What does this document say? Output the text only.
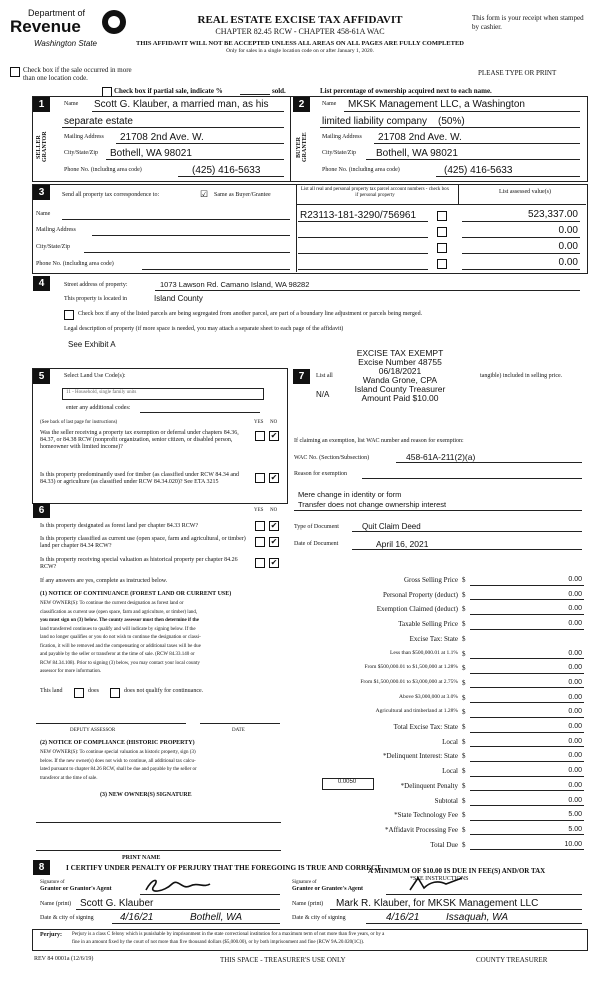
Department of
Revenue
Washington State
REAL ESTATE EXCISE TAX AFFIDAVIT
CHAPTER 82.45 RCW - CHAPTER 458-61A WAC
THIS AFFIDAVIT WILL NOT BE ACCEPTED UNLESS ALL AREAS ON ALL PAGES ARE FULLY COMPLETED
Only for sales in a single location code on or after January 1, 2020.
This form is your receipt when stamped by cashier.
PLEASE TYPE OR PRINT
Check box if the sale occurred in more than one location code.
Check box if partial sale, indicate %	sold.	List percentage of ownership acquired next to each name.
1
SELLER GRANTOR
Name Scott G. Klauber, a married man, as his
separate estate
Mailing Address 21708 2nd Ave. W.
City/State/Zip Bothell, WA 98021
Phone No. (including area code)	(425) 416-5633
2
BUYER GRANTEE
Name MKSK Management LLC, a Washington
limited liability company (50%)
Mailing Address 21708 2nd Ave. W.
City/State/Zip Bothell, WA 98021
Phone No. (including area code)	(425) 416-5633
3	Send all property tax correspondence to:	☑ Same as Buyer/Grantee
List all real and personal property tax parcel account numbers - check box if personal property
List assessed value(s)
Name
Mailing Address
City/State/Zip
Phone No. (including area code)
R23113-181-3290/756961	523,337.00
0.00
0.00
0.00
4	Street address of property:	1073 Lawson Rd. Camano Island, WA 98282
This property is located in	Island County
Check box if any of the listed parcels are being segregated from another parcel, are part of a boundary line adjustment or parcels being merged.
Legal description of property (if more space is needed, you may attach a separate sheet to each page of the affidavit)
See Exhibit A
EXCISE TAX EXEMPT
Excise Number 48755
06/18/2021
Wanda Grone, CPA
Island County Treasurer
Amount Paid $10.00
5	Select Land Use Code(s):
11 - Household, single family units
enter any additional codes:
(See back of last page for instructions)	YES NO
Was the seller receiving a property tax exemption or deferral under chapters 84.36, 84.37, or 84.38 RCW (nonprofit organization, senior citizen, or disabled person, homeowner with limited income)?
✔
Is this property predominantly used for timber (as classified under RCW 84.34 and 84.33) or agriculture (as classified under RCW 84.34.020)? See ETA 3215	✔
6	YES NO
Is this property designated as forest land per chapter 84.33 RCW?	✔
Is this property classified as current use (open space, farm and agricultural, or timber) land per chapter 84.34 RCW?	✔
Is this property receiving special valuation as historical property per chapter 84.26 RCW?	✔
If any answers are yes, complete as instructed below.
(1) NOTICE OF CONTINUANCE (FOREST LAND OR CURRENT USE)
NEW OWNER(S): To continue the current designation as forest land or
classification as current use (open space, farm and agriculture, or timber) land,
you must sign on (3) below. The county assessor must then determine if the
land transferred continues to qualify and will indicate by signing below. If the
land no longer qualifies or you do not wish to continue the designation or classi-
fication, it will be removed and the compensating or additional taxes will be due
and payable by the seller or transferor at the time of sale. (RCW 84.33.140 or
RCW 84.34.108). Prior to signing (3) below, you may contact your local county
assessor for more information.
This land	does	does not qualify for continuance.
DEPUTY ASSESSOR	DATE
(2) NOTICE OF COMPLIANCE (HISTORIC PROPERTY)
NEW OWNER(S): To continue special valuation as historic property, sign (3)
below. If the new owner(s) does not wish to continue, all additional tax calcu-
lated pursuant to chapter 84.26 RCW, shall be due and payable by the seller or
transferor at the time of sale.
(3) NEW OWNER(S) SIGNATURE
PRINT NAME
7	List all	tangible) included in selling price.
N/A
If claiming an exemption, list WAC number and reason for exemption:
WAC No. (Section/Subsection)	458-61A-211(2)(a)
Reason for exemption
Mere change in identity or form
Transfer does not change ownership interest
Type of Document	Quit Claim Deed
Date of Document	April 16, 2021
Gross Selling Price $	0.00
Personal Property (deduct) $	0.00
Exemption Claimed (deduct) $	0.00
Taxable Selling Price $	0.00
Excise Tax: State $
Less than $500,000.01 at 1.1% $	0.00
From $500,000.01 to $1,500,000 at 1.28% $	0.00
From $1,500,000.01 to $3,000,000 at 2.75% $	0.00
Above $3,000,000 at 3.0% $	0.00
Agricultural and timberland at 1.28% $	0.00
Total Excise Tax: State $	0.00
Local $	0.00
*Delinquent Interest: State $	0.00
Local $	0.00
*Delinquent Penalty $	0.00
Subtotal $	0.00
*State Technology Fee $	5.00
*Affidavit Processing Fee $	5.00
Total Due $	10.00
0.0050
A MINIMUM OF $10.00 IS DUE IN FEE(S) AND/OR TAX
*SEE INSTRUCTIONS
8	I CERTIFY UNDER PENALTY OF PERJURY THAT THE FOREGOING IS TRUE AND CORRECT
Signature of
Grantor or Grantor's Agent
Signature of
Grantee or Grantee's Agent
Name (print) Scott G. Klauber	Name (print) Mark R. Klauber, for MKSK Management LLC
Date & city of signing	4/16/21	Bothell, WA	Date & city of signing	4/16/21	Issaquah, WA
Perjury: Perjury is a class C felony which is punishable by imprisonment in the state correctional institution for a maximum term of not more than five years, or by a
fine in an amount fixed by the court of not more than five thousand dollars ($5,000.00), or by both imprisonment and fine (RCW 9A.20.020(1C)).
REV 84 0001a (12/6/19)	THIS SPACE - TREASURER'S USE ONLY	COUNTY TREASURER
